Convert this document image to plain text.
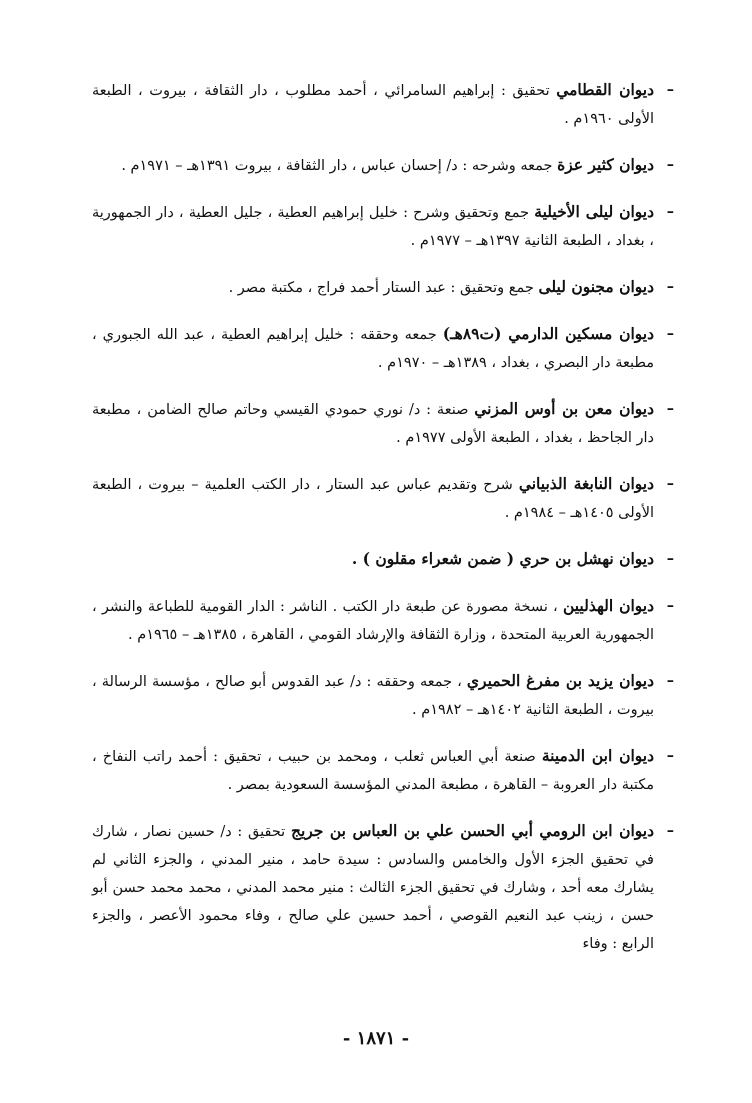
–
ديوان القطامي تحقيق : إبراهيم السامرائي ، أحمد مطلوب ، دار الثقافة ، بيروت ، الطبعة الأولى ١٩٦٠م .

–
ديوان كثير عزة جمعه وشرحه : د/ إحسان عباس ، دار الثقافة ، بيروت ١٣٩١هـ – ١٩٧١م .

–
ديوان ليلى الأخيلية جمع وتحقيق وشرح : خليل إبراهيم العطية ، جليل العطية ، دار الجمهورية ، بغداد ، الطبعة الثانية ١٣٩٧هـ – ١٩٧٧م .

–
ديوان مجنون ليلى جمع وتحقيق : عبد الستار أحمد فراج ، مكتبة مصر .

–
ديوان مسكين الدارمي (ت٨٩هـ) جمعه وحققه : خليل إبراهيم العطية ، عبد الله الجبوري ، مطبعة دار البصري ، بغداد ، ١٣٨٩هـ – ١٩٧٠م .

–
ديوان معن بن أوس المزني صنعة : د/ نوري حمودي القيسي وحاتم صالح الضامن ، مطبعة دار الجاحظ ، بغداد ، الطبعة الأولى ١٩٧٧م .

–
ديوان النابغة الذبياني شرح وتقديم عباس عبد الستار ، دار الكتب العلمية – بيروت ، الطبعة الأولى ١٤٠٥هـ – ١٩٨٤م .

–
ديوان نهشل بن حري ( ضمن شعراء مقلون ) .

–
ديوان الهذليين ، نسخة مصورة عن طبعة دار الكتب . الناشر : الدار القومية للطباعة والنشر ، الجمهورية العربية المتحدة ، وزارة الثقافة والإرشاد القومي ، القاهرة ، ١٣٨٥هـ – ١٩٦٥م .

–
ديوان يزيد بن مفرغ الحميري ، جمعه وحققه : د/ عبد القدوس أبو صالح ، مؤسسة الرسالة ، بيروت ، الطبعة الثانية ١٤٠٢هـ – ١٩٨٢م .

–
ديوان ابن الدمينة صنعة أبي العباس ثعلب ، ومحمد بن حبيب ، تحقيق : أحمد راتب النفاخ ، مكتبة دار العروبة – القاهرة ، مطبعة المدني المؤسسة السعودية بمصر .

–
ديوان ابن الرومي أبي الحسن علي بن العباس بن جريج تحقيق : د/ حسين نصار ، شارك في تحقيق الجزء الأول والخامس والسادس : سيدة حامد ، منير المدني ، والجزء الثاني لم يشارك معه أحد ، وشارك في تحقيق الجزء الثالث : منير محمد المدني ، محمد محمد حسن أبو حسن ، زينب عبد النعيم القوصي ، أحمد حسين علي صالح ، وفاء محمود الأعصر ، والجزء الرابع : وفاء

- ١٨٧١ -
